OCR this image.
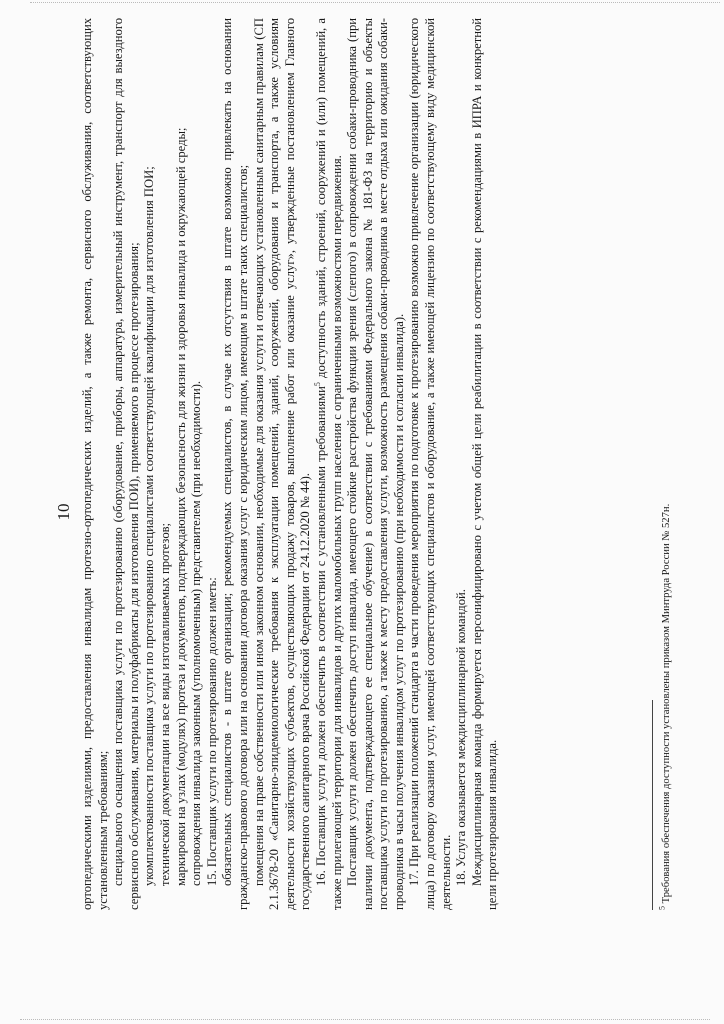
10 ортопедическими изделиями, предоставления инвалидам протезно-ортопедических изделий, а также ремонта, сервисного обслуживания, соответствующих установленным требованиям; специального оснащения поставщика услуги по протезированию (оборудование, приборы, аппаратура, измерительный инструмент, транспорт для выездного сервисного обслуживания, материалы и полуфабрикаты для изготовления ПОИ), применяемого в процессе протезирования; укомплектованности поставщика услуги по протезированию специалистами соответствующей квалификации для изготовления ПОИ; технической документации на все виды изготавливаемых протезов; маркировки на узлах (модулях) протеза и документов, подтверждающих безопасность для жизни и здоровья инвалида и окружающей среды; сопровождения инвалида законным (уполномоченным) представителем (при необходимости). 15. Поставщик услуги по протезированию должен иметь: обязательных специалистов - в штате организации; рекомендуемых специалистов, в случае их отсутствия в штате возможно привлекать на основании гражданско-правового договора или на основании договора оказания услуг с юридическим лицом, имеющим в штате таких специалистов; помещения на праве собственности или ином законном основании, необходимые для оказания услуги и отвечающих установленным санитарным правилам (СП 2.1.3678-20 «Санитарно-эпидемиологические требования к эксплуатации помещений, зданий, сооружений, оборудования и транспорта, а также условиям деятельности хозяйствующих субъектов, осуществляющих продажу товаров, выполнение работ или оказание услуг», утвержденные постановлением Главного государственного санитарного врача Российской Федерации от 24.12.2020 № 44). 16. Поставщик услуги должен обеспечить в соответствии с установленными требованиями$^5$ доступность зданий, строений, сооружений и (или) помещений, а также прилегающей территории для инвалидов и других маломобильных групп населения с ограниченными возможностями передвижения. Поставщик услуги должен обеспечить доступ инвалида, имеющего стойкие расстройства функции зрения (слепого) в сопровождении собаки-проводника (при наличии документа, подтверждающего ее специальное обучение) в соответствии с требованиями Федерального закона № 181-ФЗ на территорию и объекты поставщика услуги по протезированию, а также к месту предоставления услуги, возможность размещения собаки-проводника в месте отдыха или ожидания собаки-проводника в часы получения инвалидом услуг по протезированию (при необходимости и согласии инвалида). 17. При реализации положений стандарта в части проведения мероприятия по подготовке к протезированию возможно привлечение организации (юридического лица) по договору оказания услуг, имеющей соответствующих специалистов и оборудование, а также имеющей лицензию по соответствующему виду медицинской деятельности. 18. Услуга оказывается междисциплинарной командой. Междисциплинарная команда формируется персонифицировано с учетом общей цели реабилитации в соответствии с рекомендациями в ИПРА и конкретной цели протезирования инвалида.	$^5$ Требования обеспечения доступности установлены приказом Минтруда России № 527н.
